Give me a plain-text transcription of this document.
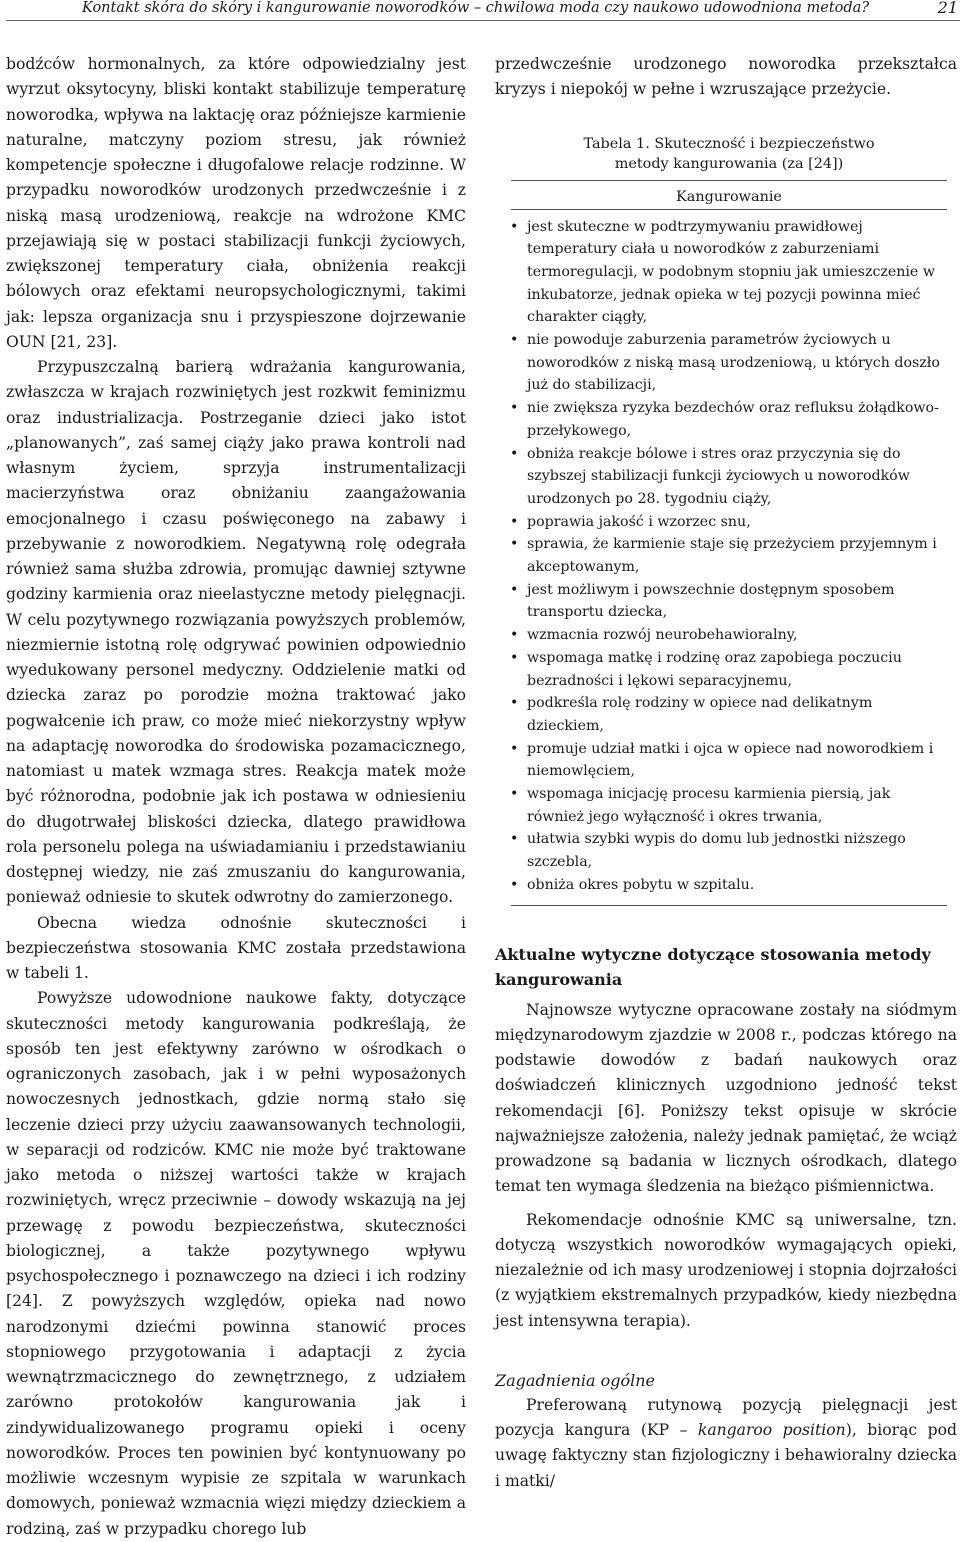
Kontakt skóra do skóry i kangurowanie noworodków – chwilowa moda czy naukowo udowodniona metoda?	21

bodźców hormonalnych, za które odpowiedzialny jest wyrzut oksytocyny, bliski kontakt stabilizuje temperaturę noworodka, wpływa na laktację oraz późniejsze karmienie naturalne, matczyny poziom stresu, jak również kompetencje społeczne i długofalowe relacje rodzinne. W przypadku noworodków urodzonych przedwcześnie i z niską masą urodzeniową, reakcje na wdrożone KMC przejawiają się w postaci stabilizacji funkcji życiowych, zwiększonej temperatury ciała, obniżenia reakcji bólowych oraz efektami neuropsychologicznymi, takimi jak: lepsza organizacja snu i przyspieszone dojrzewanie OUN [21, 23].

Przypuszczalną barierą wdrażania kangurowania, zwłaszcza w krajach rozwiniętych jest rozkwit feminizmu oraz industrializacja. Postrzeganie dzieci jako istot „planowanych”, zaś samej ciąży jako prawa kontroli nad własnym życiem, sprzyja instrumentalizacji macierzyństwa oraz obniżaniu zaangażowania emocjonalnego i czasu poświęconego na zabawy i przebywanie z noworodkiem. Negatywną rolę odegrała również sama służba zdrowia, promując dawniej sztywne godziny karmienia oraz nieelastyczne metody pielęgnacji. W celu pozytywnego rozwiązania powyższych problemów, niezmiernie istotną rolę odgrywać powinien odpowiednio wyedukowany personel medyczny. Oddzielenie matki od dziecka zaraz po porodzie można traktować jako pogwałcenie ich praw, co może mieć niekorzystny wpływ na adaptację noworodka do środowiska pozamacicznego, natomiast u matek wzmaga stres. Reakcja matek może być różnorodna, podobnie jak ich postawa w odniesieniu do długotrwałej bliskości dziecka, dlatego prawidłowa rola personelu polega na uświadamianiu i przedstawianiu dostępnej wiedzy, nie zaś zmuszaniu do kangurowania, ponieważ odniesie to skutek odwrotny do zamierzonego.

Obecna wiedza odnośnie skuteczności i bezpieczeństwa stosowania KMC została przedstawiona w tabeli 1.

Powyższe udowodnione naukowe fakty, dotyczące skuteczności metody kangurowania podkreślają, że sposób ten jest efektywny zarówno w ośrodkach o ograniczonych zasobach, jak i w pełni wyposażonych nowoczesnych jednostkach, gdzie normą stało się leczenie dzieci przy użyciu zaawansowanych technologii, w separacji od rodziców. KMC nie może być traktowane jako metoda o niższej wartości także w krajach rozwiniętych, wręcz przeciwnie – dowody wskazują na jej przewagę z powodu bezpieczeństwa, skuteczności biologicznej, a także pozytywnego wpływu psychospołecznego i poznawczego na dzieci i ich rodziny [24]. Z powyższych względów, opieka nad nowo narodzonymi dziećmi powinna stanowić proces stopniowego przygotowania i adaptacji z życia wewnątrzmacicznego do zewnętrznego, z udziałem zarówno protokołów kangurowania jak i zindywidualizowanego programu opieki i oceny noworodków. Proces ten powinien być kontynuowany po możliwie wczesnym wypisie ze szpitala w warunkach domowych, ponieważ wzmacnia więzi między dzieckiem a rodziną, zaś w przypadku chorego lub

przedwcześnie urodzonego noworodka przekształca kryzys i niepokój w pełne i wzruszające przeżycie.

Tabela 1. Skuteczność i bezpieczeństwo
metody kangurowania (za [24])
Kangurowanie
• jest skuteczne w podtrzymywaniu prawidłowej temperatury ciała u noworodków z zaburzeniami termoregulacji, w podobnym stopniu jak umieszczenie w inkubatorze, jednak opieka w tej pozycji powinna mieć charakter ciągły,
• nie powoduje zaburzenia parametrów życiowych u noworodków z niską masą urodzeniową, u których doszło już do stabilizacji,
• nie zwiększa ryzyka bezdechów oraz refluksu żołądkowo-przełykowego,
• obniża reakcje bólowe i stres oraz przyczynia się do szybszej stabilizacji funkcji życiowych u noworodków urodzonych po 28. tygodniu ciąży,
• poprawia jakość i wzorzec snu,
• sprawia, że karmienie staje się przeżyciem przyjemnym i akceptowanym,
• jest możliwym i powszechnie dostępnym sposobem transportu dziecka,
• wzmacnia rozwój neurobehawioralny,
• wspomaga matkę i rodzinę oraz zapobiega poczuciu bezradności i lękowi separacyjnemu,
• podkreśla rolę rodziny w opiece nad delikatnym dzieckiem,
• promuje udział matki i ojca w opiece nad noworodkiem i niemowlęciem,
• wspomaga inicjację procesu karmienia piersią, jak również jego wyłączność i okres trwania,
• ułatwia szybki wypis do domu lub jednostki niższego szczebla,
• obniża okres pobytu w szpitalu.
Aktualne wytyczne dotyczące stosowania metody kangurowania

Najnowsze wytyczne opracowane zostały na siódmym międzynarodowym zjazdzie w 2008 r., podczas którego na podstawie dowodów z badań naukowych oraz doświadczeń klinicznych uzgodniono jedność tekst rekomendacji [6]. Poniższy tekst opisuje w skrócie najważniejsze założenia, należy jednak pamiętać, że wciąż prowadzone są badania w licznych ośrodkach, dlatego temat ten wymaga śledzenia na bieżąco piśmiennictwa.

Rekomendacje odnośnie KMC są uniwersalne, tzn. dotyczą wszystkich noworodków wymagających opieki, niezależnie od ich masy urodzeniowej i stopnia dojrzałości (z wyjątkiem ekstremalnych przypadków, kiedy niezbędna jest intensywna terapia).

Zagadnienia ogólne

Preferowaną rutynową pozycją pielęgnacji jest pozycja kangura (KP – kangaroo position), biorąc pod uwagę faktyczny stan fizjologiczny i behawioralny dziecka i matki/
